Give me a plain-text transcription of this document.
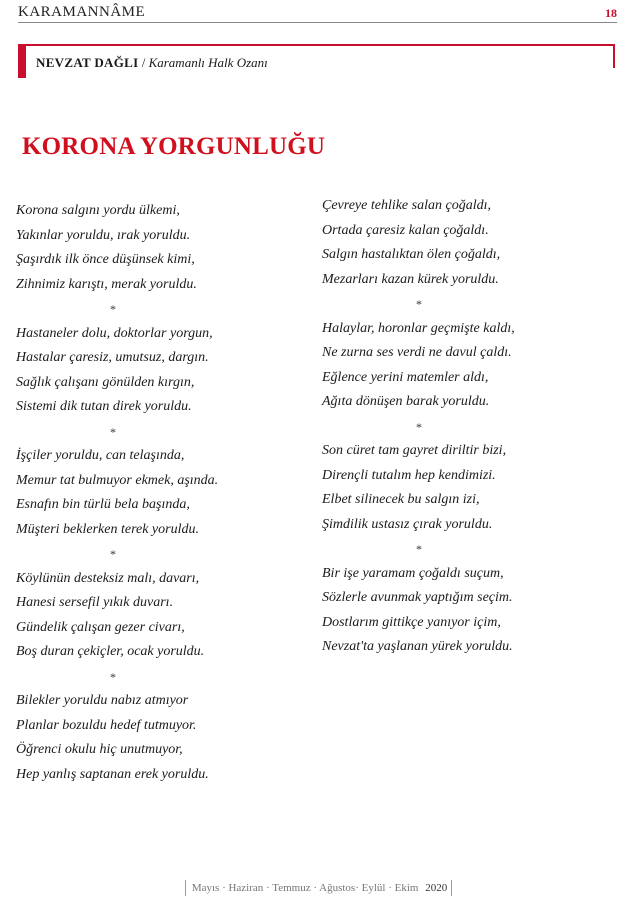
KARAMANNÂME	18
NEVZAT DAĞLI / Karamanlı Halk Ozanı
KORONA YORGUNLUĞU
Korona salgını yordu ülkemi,
Yakınlar yoruldu, ırak yoruldu.
Şaşırdık ilk önce düşünsek kimi,
Zihnimiz karıştı, merak yoruldu.
*
Hastaneler dolu, doktorlar yorgun,
Hastalar çaresiz, umutsuz, dargın.
Sağlık çalışanı gönülden kırgın,
Sistemi dik tutan direk yoruldu.
*
İşçiler yoruldu, can telaşında,
Memur tat bulmuyor ekmek, aşında.
Esnafın bin türlü bela başında,
Müşteri beklerken terek yoruldu.
*
Köylünün desteksiz malı, davarı,
Hanesi sersefil yıkık duvarı.
Gündelik çalışan gezer civarı,
Boş duran çekiçler, ocak yoruldu.
*
Bilekler yoruldu nabız atmıyor
Planlar bozuldu hedef tutmuyor.
Öğrenci okulu hiç unutmuyor,
Hep yanlış saptanan erek yoruldu.
Çevreye tehlike salan çoğaldı,
Ortada çaresiz kalan çoğaldı.
Salgın hastalıktan ölen çoğaldı,
Mezarları kazan kürek yoruldu.
*
Halaylar, horonlar geçmişte kaldı,
Ne zurna ses verdi ne davul çaldı.
Eğlence yerini matemler aldı,
Ağıta dönüşen barak yoruldu.
*
Son cüret tam gayret diriltir bizi,
Dirençli tutalım hep kendimizi.
Elbet silinecek bu salgın izi,
Şimdilik ustasız çırak yoruldu.
*
Bir işe yaramam çoğaldı suçum,
Sözlerle avunmak yaptığım seçim.
Dostlarım gittikçe yanıyor içim,
Nevzat'ta yaşlanan yürek yoruldu.
Mayıs · Haziran · Temmuz · Ağustos· Eylül · Ekim 2020
